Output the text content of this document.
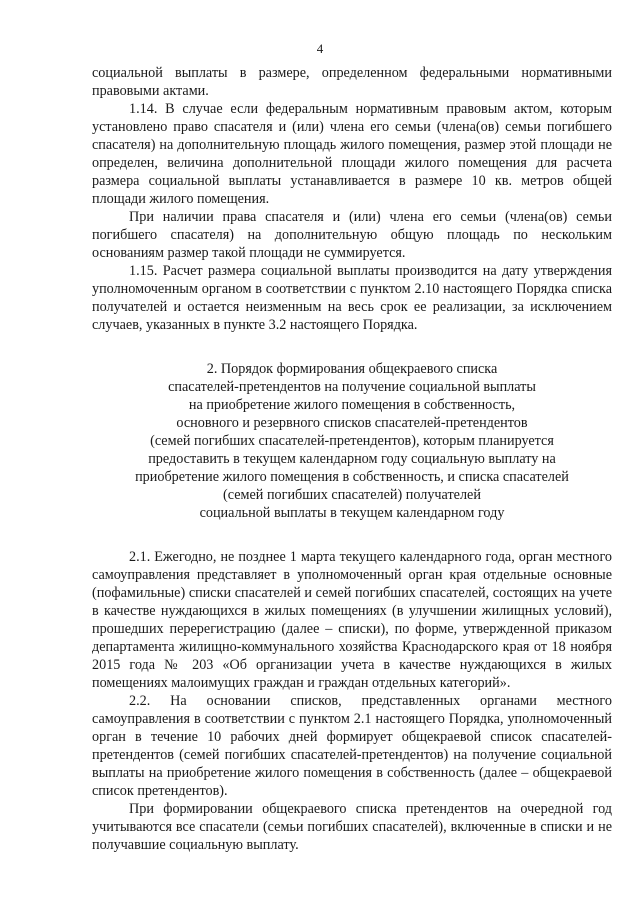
4

социальной выплаты в размере, определенном федеральными нормативными правовыми актами.

1.14. В случае если федеральным нормативным правовым актом, которым установлено право спасателя и (или) члена его семьи (члена(ов) семьи погибшего спасателя) на дополнительную площадь жилого помещения, размер этой площади не определен, величина дополнительной площади жилого помещения для расчета размера социальной выплаты устанавливается в размере 10 кв. метров общей площади жилого помещения.

При наличии права спасателя и (или) члена его семьи (члена(ов) семьи погибшего спасателя) на дополнительную общую площадь по нескольким основаниям размер такой площади не суммируется.

1.15. Расчет размера социальной выплаты производится на дату утверждения уполномоченным органом в соответствии с пунктом 2.10 настоящего Порядка списка получателей и остается неизменным на весь срок ее реализации, за исключением случаев, указанных в пункте 3.2 настоящего Порядка.

2. Порядок формирования общекраевого списка
спасателей-претендентов на получение социальной выплаты
на приобретение жилого помещения в собственность,
основного и резервного списков спасателей-претендентов
(семей погибших спасателей-претендентов), которым планируется
предоставить в текущем календарном году социальную выплату на
приобретение жилого помещения в собственность, и списка спасателей
(семей погибших спасателей) получателей
социальной выплаты в текущем календарном году

2.1. Ежегодно, не позднее 1 марта текущего календарного года, орган местного самоуправления представляет в уполномоченный орган края отдельные основные (пофамильные) списки спасателей и семей погибших спасателей, состоящих на учете в качестве нуждающихся в жилых помещениях (в улучшении жилищных условий), прошедших перерегистрацию (далее – списки), по форме, утвержденной приказом департамента жилищно-коммунального хозяйства Краснодарского края от 18 ноября 2015 года № 203 «Об организации учета в качестве нуждающихся в жилых помещениях малоимущих граждан и граждан отдельных категорий».

2.2. На основании списков, представленных органами местного самоуправления в соответствии с пунктом 2.1 настоящего Порядка, уполномоченный орган в течение 10 рабочих дней формирует общекраевой список спасателей-претендентов (семей погибших спасателей-претендентов) на получение социальной выплаты на приобретение жилого помещения в собственность (далее – общекраевой список претендентов).

При формировании общекраевого списка претендентов на очередной год учитываются все спасатели (семьи погибших спасателей), включенные в списки и не получавшие социальную выплату.
